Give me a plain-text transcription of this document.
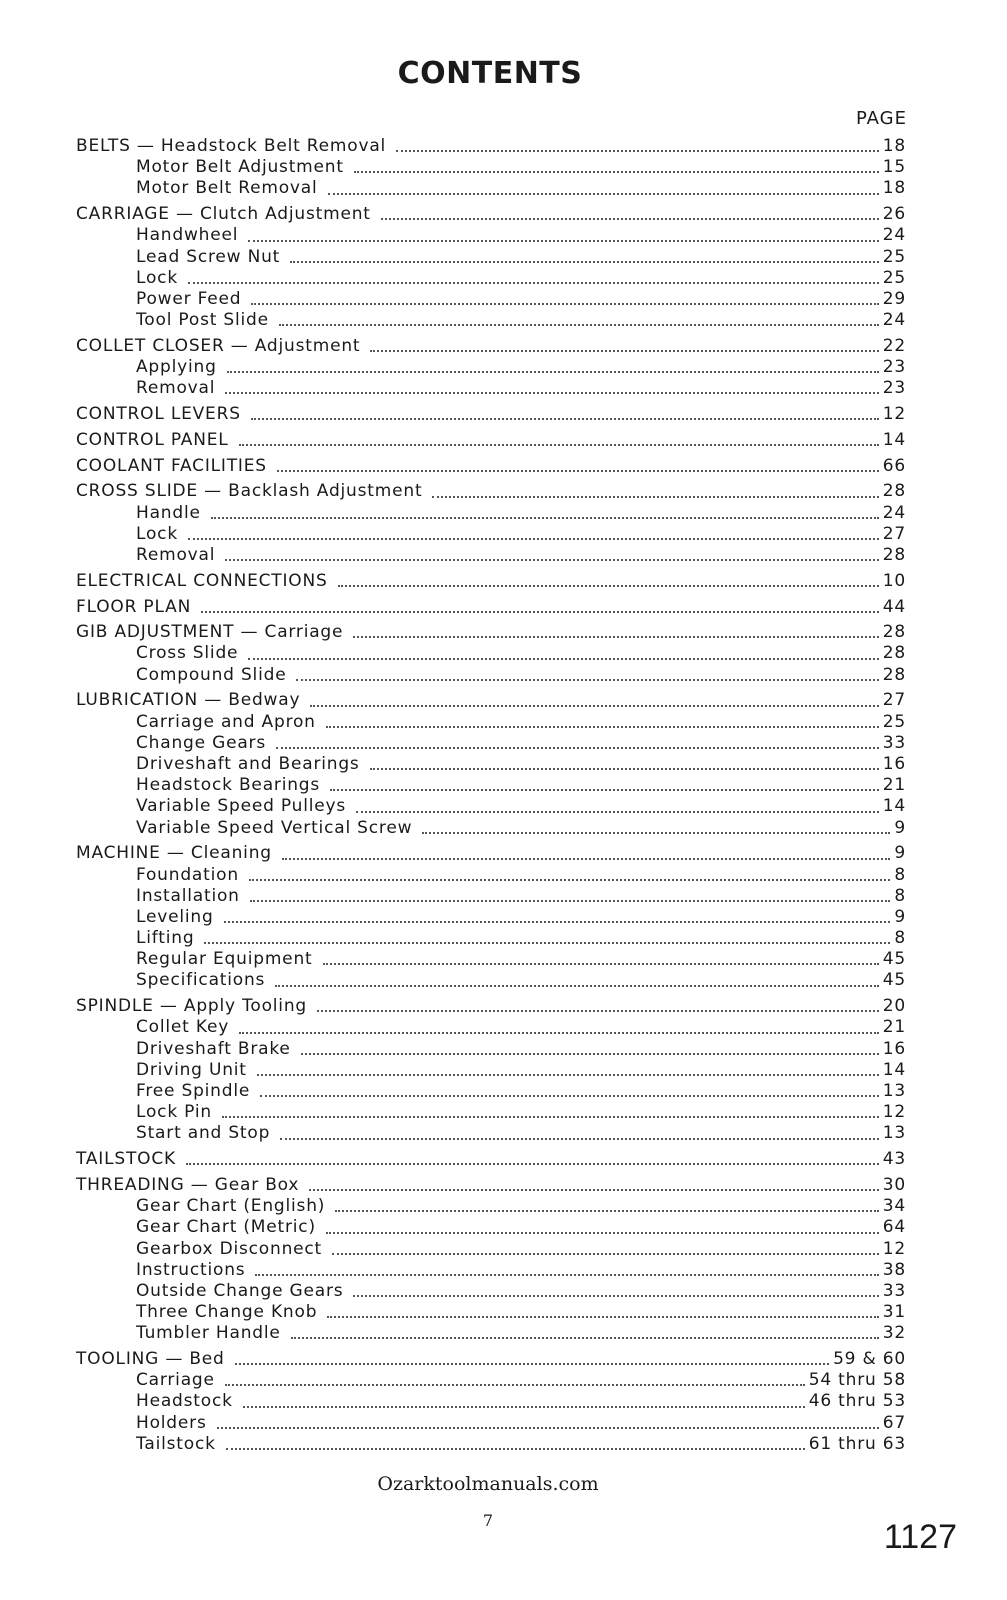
CONTENTS
PAGE
BELTS — Headstock Belt Removal	18
Motor Belt Adjustment	15
Motor Belt Removal	18
CARRIAGE — Clutch Adjustment	26
Handwheel	24
Lead Screw Nut	25
Lock	25
Power Feed	29
Tool Post Slide	24
COLLET CLOSER — Adjustment	22
Applying	23
Removal	23
CONTROL LEVERS	12
CONTROL PANEL	14
COOLANT FACILITIES	66
CROSS SLIDE — Backlash Adjustment	28
Handle	24
Lock	27
Removal	28
ELECTRICAL CONNECTIONS	10
FLOOR PLAN	44
GIB ADJUSTMENT — Carriage	28
Cross Slide	28
Compound Slide	28
LUBRICATION — Bedway	27
Carriage and Apron	25
Change Gears	33
Driveshaft and Bearings	16
Headstock Bearings	21
Variable Speed Pulleys	14
Variable Speed Vertical Screw	9
MACHINE — Cleaning	9
Foundation	8
Installation	8
Leveling	9
Lifting	8
Regular Equipment	45
Specifications	45
SPINDLE — Apply Tooling	20
Collet Key	21
Driveshaft Brake	16
Driving Unit	14
Free Spindle	13
Lock Pin	12
Start and Stop	13
TAILSTOCK	43
THREADING — Gear Box	30
Gear Chart (English)	34
Gear Chart (Metric)	64
Gearbox Disconnect	12
Instructions	38
Outside Change Gears	33
Three Change Knob	31
Tumbler Handle	32
TOOLING — Bed	59 & 60
Carriage	54 thru 58
Headstock	46 thru 53
Holders	67
Tailstock	61 thru 63
Ozarktoolmanuals.com
7	1127
